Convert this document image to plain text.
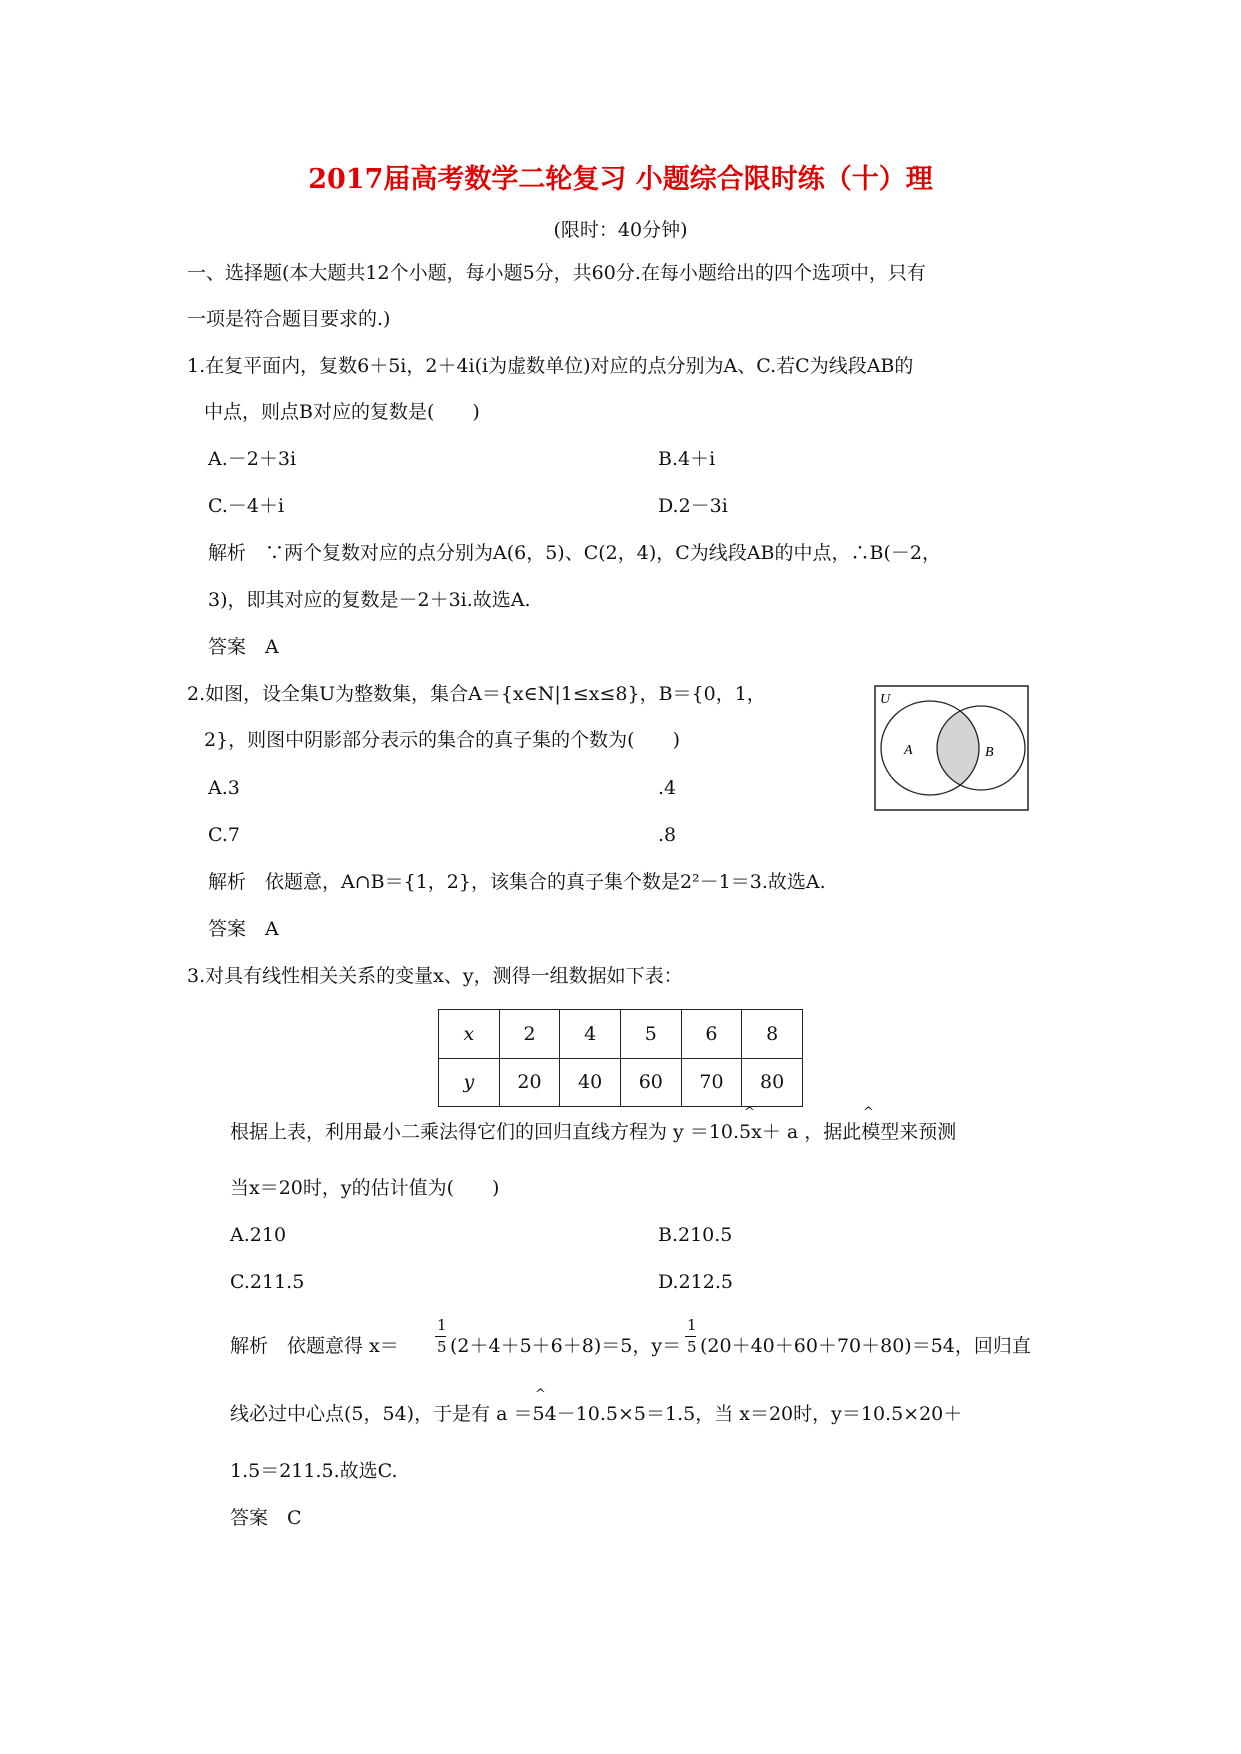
2017届高考数学二轮复习 小题综合限时练（十）理
(限时：40分钟)
一、选择题(本大题共12个小题，每小题5分，共60分.在每小题给出的四个选项中，只有
一项是符合题目要求的.)
1.在复平面内，复数6＋5i，2＋4i(i为虚数单位)对应的点分别为A、C.若C为线段AB的
中点，则点B对应的复数是(　　)
A.－2＋3i	B.4＋i
C.－4＋i	D.2－3i
解析　∵两个复数对应的点分别为A(6，5)、C(2，4)，C为线段AB的中点，∴B(－2，
3)，即其对应的复数是－2＋3i.故选A.
答案　A
2.如图，设全集U为整数集，集合A＝{x∈N|1≤x≤8}，B＝{0，1，
2}，则图中阴影部分表示的集合的真子集的个数为(　　)
A.3	.4
C.7	.8
解析　依题意，A∩B＝{1，2}，该集合的真子集个数是2²－1＝3.故选A.
答案　A
U
A	B
3.对具有线性相关关系的变量x、y，测得一组数据如下表：
x	2	4	5	6	8
y	20	40	60	70	80
^	^
根据上表，利用最小二乘法得它们的回归直线方程为 y ＝10.5x＋ a ，据此模型来预测
当x＝20时，y的估计值为(　　)
A.210	B.210.5
C.211.5	D.212.5
解析　依题意得 x＝
1
5 (2＋4＋5＋6＋8)＝5，y＝
1
5 (20＋40＋60＋70＋80)＝54，回归直
^
线必过中心点(5，54)，于是有 a ＝54－10.5×5＝1.5，当 x＝20时，y＝10.5×20＋
1.5＝211.5.故选C.
答案　C
